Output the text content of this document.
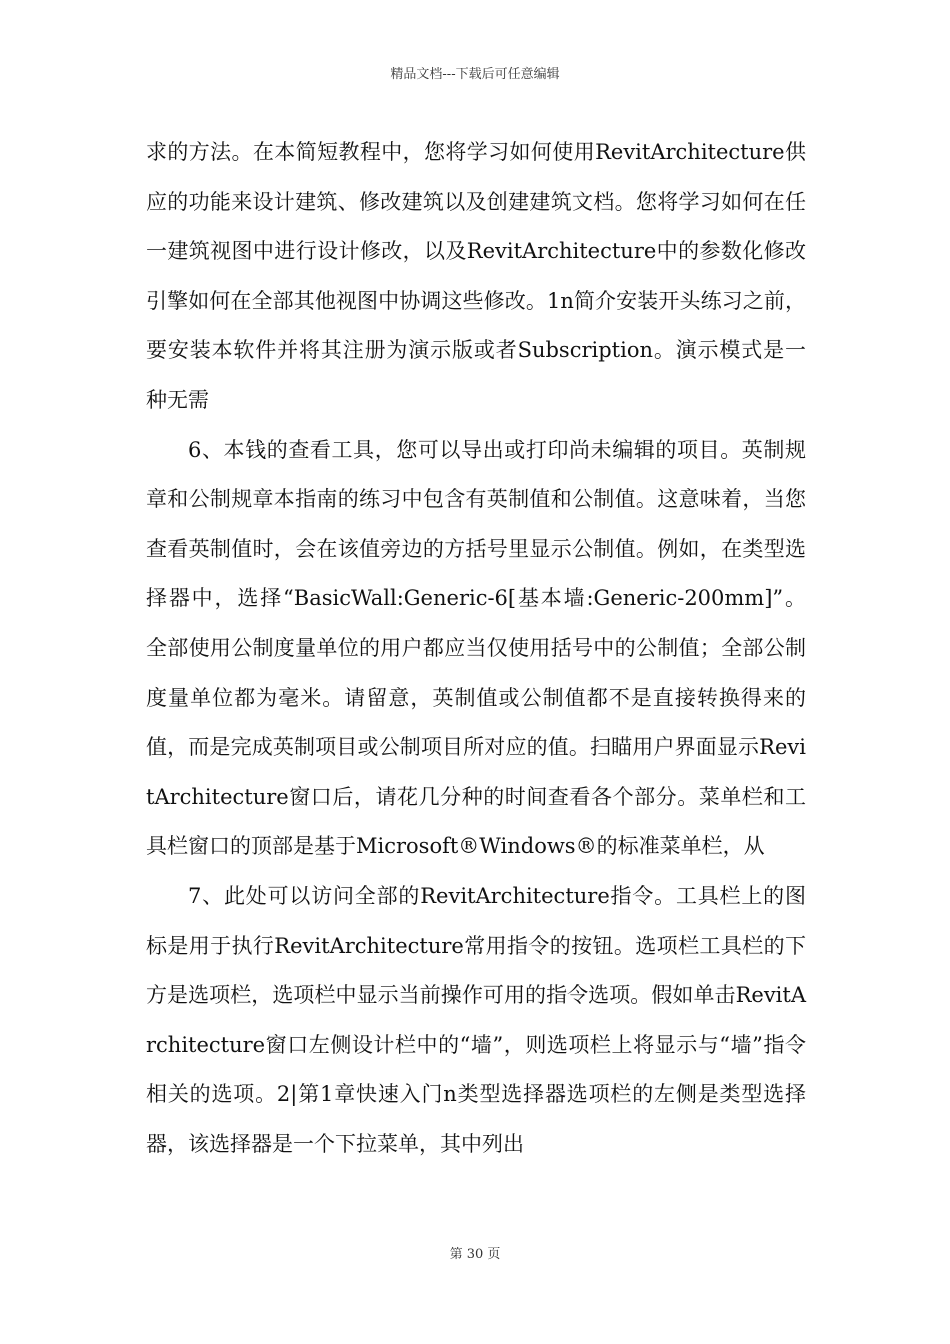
精品文档---下载后可任意编辑

求的方法。在本简短教程中，您将学习如何使用RevitArchitecture供应的功能来设计建筑、修改建筑以及创建建筑文档。您将学习如何在任一建筑视图中进行设计修改，以及RevitArchitecture中的参数化修改引擎如何在全部其他视图中协调这些修改。1n简介安装开头练习之前，要安装本软件并将其注册为演示版或者Subscription。演示模式是一种无需

6、本钱的查看工具，您可以导出或打印尚未编辑的项目。英制规章和公制规章本指南的练习中包含有英制值和公制值。这意味着，当您查看英制值时，会在该值旁边的方括号里显示公制值。例如，在类型选择器中，选择“BasicWall:Generic-6[基本墙:Generic-200mm]”。全部使用公制度量单位的用户都应当仅使用括号中的公制值；全部公制度量单位都为毫米。请留意，英制值或公制值都不是直接转换得来的值，而是完成英制项目或公制项目所对应的值。扫瞄用户界面显示RevitArchitecture窗口后，请花几分种的时间查看各个部分。菜单栏和工具栏窗口的顶部是基于Microsoft®Windows®的标准菜单栏，从

7、此处可以访问全部的RevitArchitecture指令。工具栏上的图标是用于执行RevitArchitecture常用指令的按钮。选项栏工具栏的下方是选项栏，选项栏中显示当前操作可用的指令选项。假如单击RevitArchitecture窗口左侧设计栏中的“墙”，则选项栏上将显示与“墙”指令相关的选项。2|第1章快速入门n类型选择器选项栏的左侧是类型选择器，该选择器是一个下拉菜单，其中列出

第 30 页
